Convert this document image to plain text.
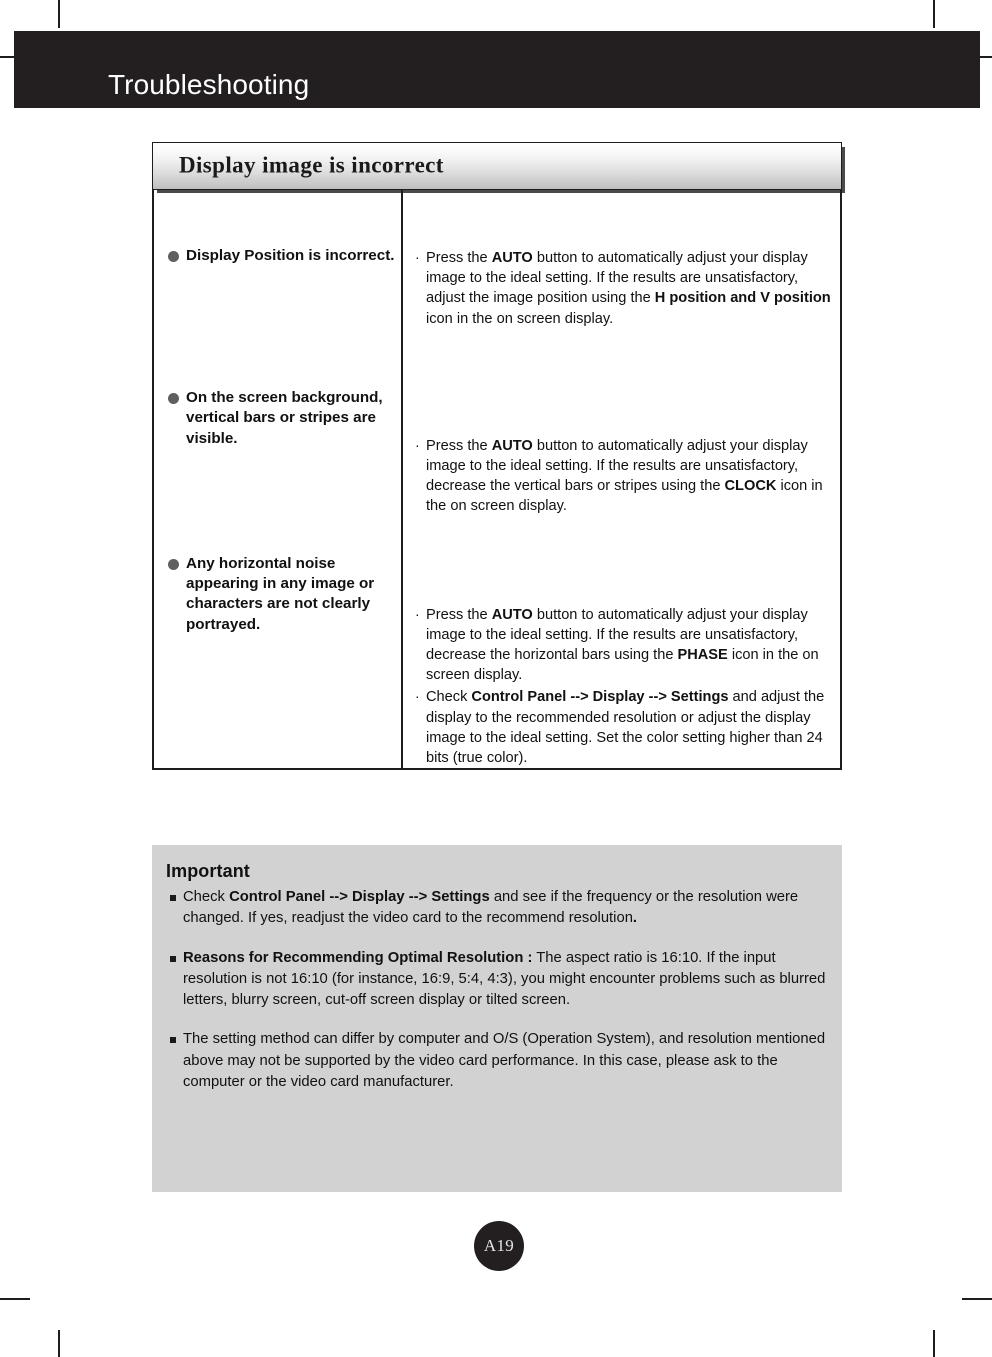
Troubleshooting
Display image is incorrect
Display Position is incorrect.
On the screen background, vertical bars or stripes are visible.
Any horizontal noise appearing in any image or characters are not clearly portrayed.
· Press the AUTO button to automatically adjust your display image to the ideal setting. If the results are unsatisfactory, adjust the image position using the H position and V position icon in the on screen display.
· Press the AUTO button to automatically adjust your display image to the ideal setting. If the results are unsatisfactory, decrease the vertical bars or stripes using the CLOCK icon in the on screen display.
· Press the AUTO button to automatically adjust your display image to the ideal setting. If the results are unsatisfactory, decrease the horizontal bars using the PHASE icon in the on screen display.
· Check Control Panel --> Display --> Settings and adjust the display to the recommended resolution or adjust the display image to the ideal setting. Set the color setting higher than 24 bits (true color).
Important
Check Control Panel --> Display --> Settings and see if the frequency or the resolution were changed. If yes, readjust the video card to the recommend resolution.
Reasons for Recommending Optimal Resolution : The aspect ratio is 16:10. If the input resolution is not 16:10 (for instance, 16:9, 5:4, 4:3), you might encounter problems such as blurred letters, blurry screen, cut-off screen display or tilted screen.
The setting method can differ by computer and O/S (Operation System), and resolution mentioned above may not be supported by the video card performance. In this case, please ask to the computer or the video card manufacturer.
A19
